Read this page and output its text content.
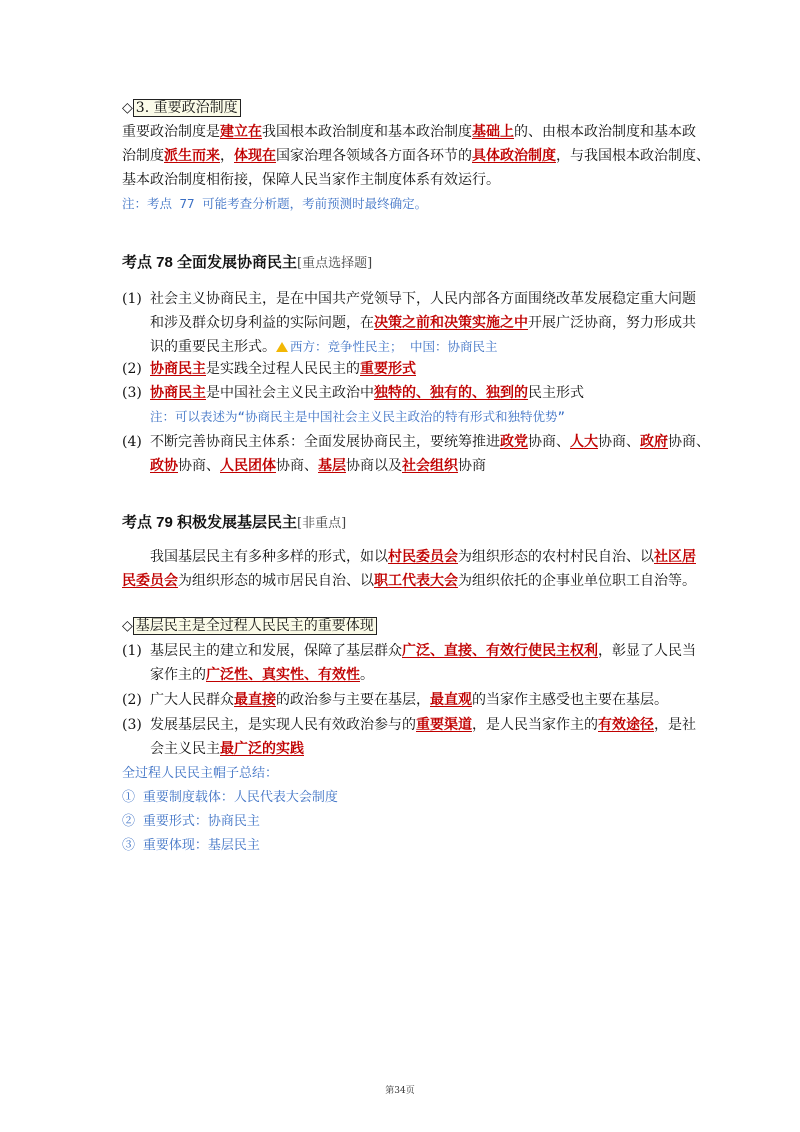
◇ 3. 重要政治制度
重要政治制度是建立在我国根本政治制度和基本政治制度基础上的、由根本政治制度和基本政
治制度派生而来，体现在国家治理各领域各方面各环节的具体政治制度，与我国根本政治制度、
基本政治制度相衔接，保障人民当家作主制度体系有效运行。
注：考点 77 可能考查分析题，考前预测时最终确定。
考点 78 全面发展协商民主[重点选择题]
(1) 社会主义协商民主，是在中国共产党领导下，人民内部各方面围绕改革发展稳定重大问题
和涉及群众切身利益的实际问题，在决策之前和决策实施之中开展广泛协商，努力形成共
识的重要民主形式。 西方：竞争性民主； 中国：协商民主
(2) 协商民主是实践全过程人民民主的重要形式
(3) 协商民主是中国社会主义民主政治中独特的、独有的、独到的民主形式
注：可以表述为“协商民主是中国社会主义民主政治的特有形式和独特优势”
(4) 不断完善协商民主体系：全面发展协商民主，要统筹推进政党协商、人大协商、政府协商、
政协协商、人民团体协商、基层协商以及社会组织协商
考点 79 积极发展基层民主[非重点]
我国基层民主有多种多样的形式，如以村民委员会为组织形态的农村村民自治、以社区居
民委员会为组织形态的城市居民自治、以职工代表大会为组织依托的企事业单位职工自治等。
◇ 基层民主是全过程人民民主的重要体现
(1) 基层民主的建立和发展，保障了基层群众广泛、直接、有效行使民主权利，彰显了人民当
家作主的广泛性、真实性、有效性。
(2) 广大人民群众最直接的政治参与主要在基层，最直观的当家作主感受也主要在基层。
(3) 发展基层民主，是实现人民有效政治参与的重要渠道，是人民当家作主的有效途径，是社
会主义民主最广泛的实践
全过程人民民主帽子总结：
① 重要制度载体：人民代表大会制度
② 重要形式：协商民主
③ 重要体现：基层民主
第34页
